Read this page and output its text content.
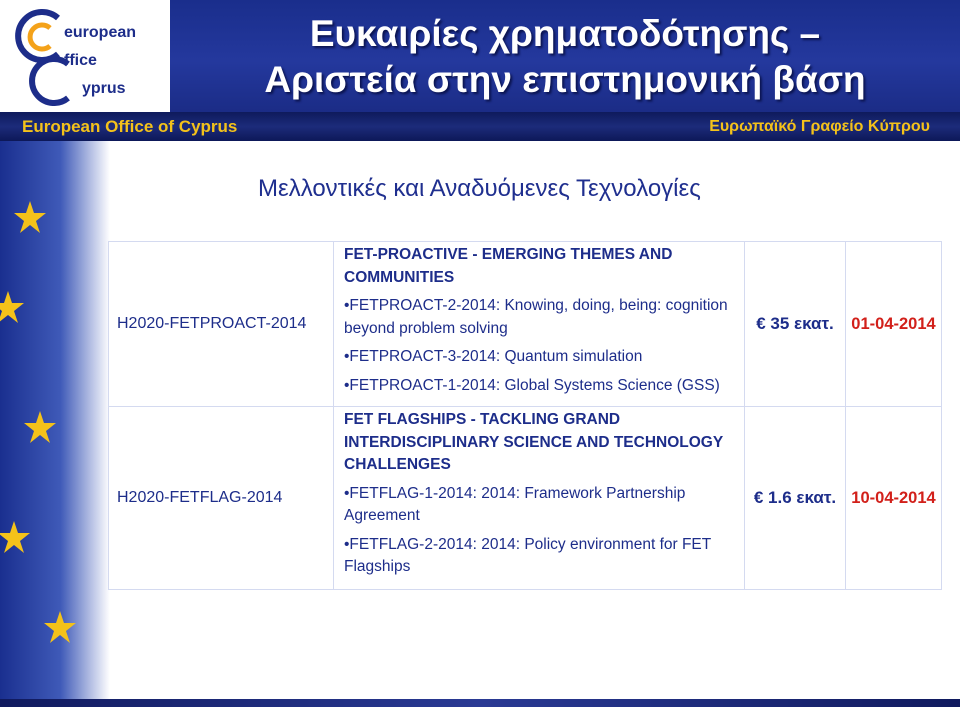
european
ffice
yprus
Ευκαιρίες χρηματοδότησης –
Αριστεία στην επιστημονική βάση
European Office of Cyprus	Ευρωπαϊκό Γραφείο Κύπρου
Μελλοντικές και Αναδυόμενες Τεχνολογίες
H2020-FETPROACT-2014	FET-PROACTIVE - EMERGING THEMES AND COMMUNITIES
•FETPROACT-2-2014: Knowing, doing, being: cognition beyond problem solving
•FETPROACT-3-2014: Quantum simulation
•FETPROACT-1-2014: Global Systems Science (GSS)	€ 35 εκατ.	01-04-2014
H2020-FETFLAG-2014	FET FLAGSHIPS - TACKLING GRAND INTERDISCIPLINARY SCIENCE AND TECHNOLOGY CHALLENGES
•FETFLAG-1-2014: 2014: Framework Partnership Agreement
•FETFLAG-2-2014: 2014: Policy environment for FET Flagships	€ 1.6 εκατ.	10-04-2014
